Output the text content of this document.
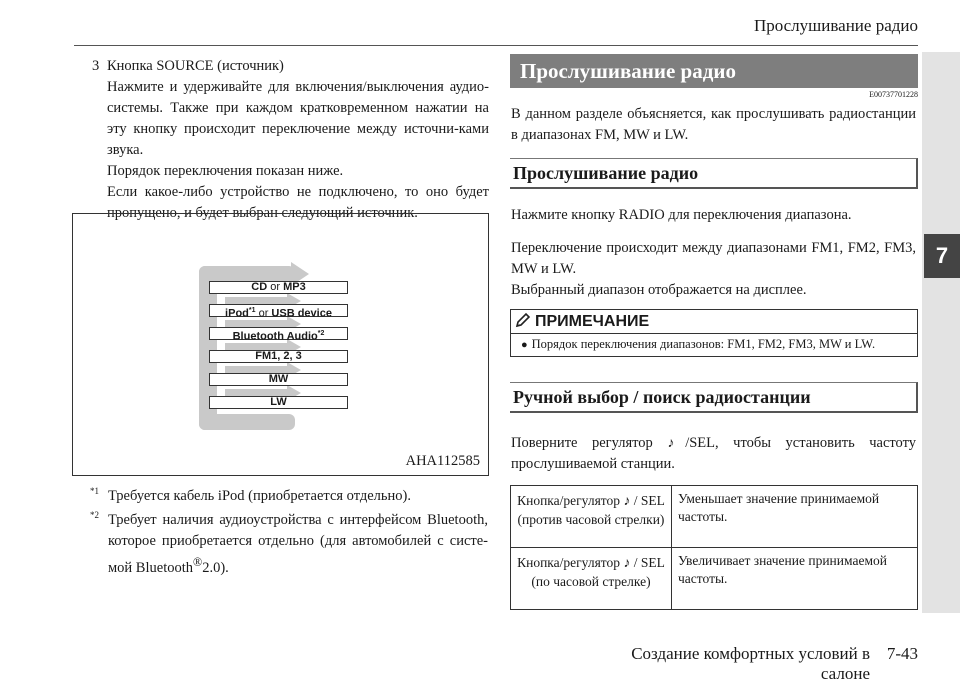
Прослушивание радио
7
3 Кнопка SOURCE (источник)

Нажмите и удерживайте для включения/выключения аудио-системы. Также при каждом кратковременном нажатии на эту кнопку происходит переключение между источни-ками звука.

Порядок переключения показан ниже.

Если какое-либо устройство не подключено, то оно будет пропущено, и будет выбран следующий источник.

CD or MP3
iPod$^{*1}$ or USB device
Bluetooth Audio$^{*2}$
FM1, 2, 3
MW
LW
AHA112585
$^{*1}$ Требуется кабель iPod (приобретается отдельно).
$^{*2}$ Требует наличия аудиоустройства с интерфейсом Bluetooth, которое приобретается отдельно (для автомобилей с систе-мой Bluetooth®2.0).
Прослушивание радио
E00737701228
В данном разделе объясняется, как прослушивать радиостанции в диапазонах FM, MW и LW.
Прослушивание радио
Нажмите кнопку RADIO для переключения диапазона.

Переключение происходит между диапазонами FM1, FM2, FM3, MW и LW.

Выбранный диапазон отображается на дисплее.

ПРИМЕЧАНИЕ
● Порядок переключения диапазонов: FM1, FM2, FM3, MW и LW.
Ручной выбор / поиск радиостанции
Поверните регулятор ♪/SEL, чтобы установить частоту прослушиваемой станции.
Кнопка/регулятор ♪ / SEL (против часовой стрелки)	Уменьшает значение принимаемой частоты.
Кнопка/регулятор ♪ / SEL (по часовой стрелке)	Увеличивает значение принимаемой частоты.
Создание комфортных условий в салоне
7-43
